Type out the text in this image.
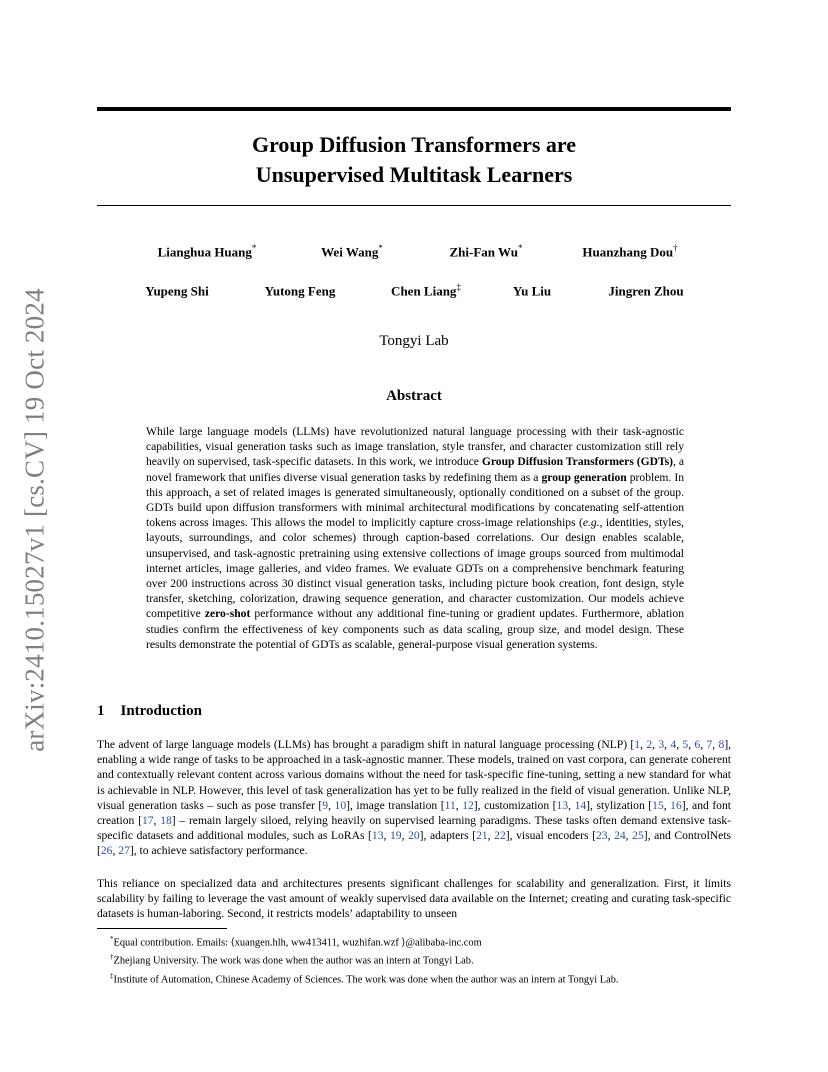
arXiv:2410.15027v1 [cs.CV] 19 Oct 2024
Group Diffusion Transformers are
Unsupervised Multitask Learners
Lianghua Huang*	Wei Wang*	Zhi-Fan Wu*	Huanzhang Dou†
Yupeng Shi	Yutong Feng	Chen Liang‡	Yu Liu	Jingren Zhou
Tongyi Lab
Abstract
While large language models (LLMs) have revolutionized natural language processing with their task-agnostic capabilities, visual generation tasks such as image translation, style transfer, and character customization still rely heavily on supervised, task-specific datasets. In this work, we introduce Group Diffusion Transformers (GDTs), a novel framework that unifies diverse visual generation tasks by redefining them as a group generation problem. In this approach, a set of related images is generated simultaneously, optionally conditioned on a subset of the group. GDTs build upon diffusion transformers with minimal architectural modifications by concatenating self-attention tokens across images. This allows the model to implicitly capture cross-image relationships (e.g., identities, styles, layouts, surroundings, and color schemes) through caption-based correlations. Our design enables scalable, unsupervised, and task-agnostic pretraining using extensive collections of image groups sourced from multimodal internet articles, image galleries, and video frames. We evaluate GDTs on a comprehensive benchmark featuring over 200 instructions across 30 distinct visual generation tasks, including picture book creation, font design, style transfer, sketching, colorization, drawing sequence generation, and character customization. Our models achieve competitive zero-shot performance without any additional fine-tuning or gradient updates. Furthermore, ablation studies confirm the effectiveness of key components such as data scaling, group size, and model design. These results demonstrate the potential of GDTs as scalable, general-purpose visual generation systems.
1 Introduction
The advent of large language models (LLMs) has brought a paradigm shift in natural language processing (NLP) [1, 2, 3, 4, 5, 6, 7, 8], enabling a wide range of tasks to be approached in a task-agnostic manner. These models, trained on vast corpora, can generate coherent and contextually relevant content across various domains without the need for task-specific fine-tuning, setting a new standard for what is achievable in NLP. However, this level of task generalization has yet to be fully realized in the field of visual generation. Unlike NLP, visual generation tasks – such as pose transfer [9, 10], image translation [11, 12], customization [13, 14], stylization [15, 16], and font creation [17, 18] – remain largely siloed, relying heavily on supervised learning paradigms. These tasks often demand extensive task-specific datasets and additional modules, such as LoRAs [13, 19, 20], adapters [21, 22], visual encoders [23, 24, 25], and ControlNets [26, 27], to achieve satisfactory performance.
This reliance on specialized data and architectures presents significant challenges for scalability and generalization. First, it limits scalability by failing to leverage the vast amount of weakly supervised data available on the Internet; creating and curating task-specific datasets is human-laboring. Second, it restricts models’ adaptability to unseen
*Equal contribution. Emails: ⟨xuangen.hlh, ww413411, wuzhifan.wzf ⟩@alibaba-inc.com
†Zhejiang University. The work was done when the author was an intern at Tongyi Lab.
‡Institute of Automation, Chinese Academy of Sciences. The work was done when the author was an intern at Tongyi Lab.
